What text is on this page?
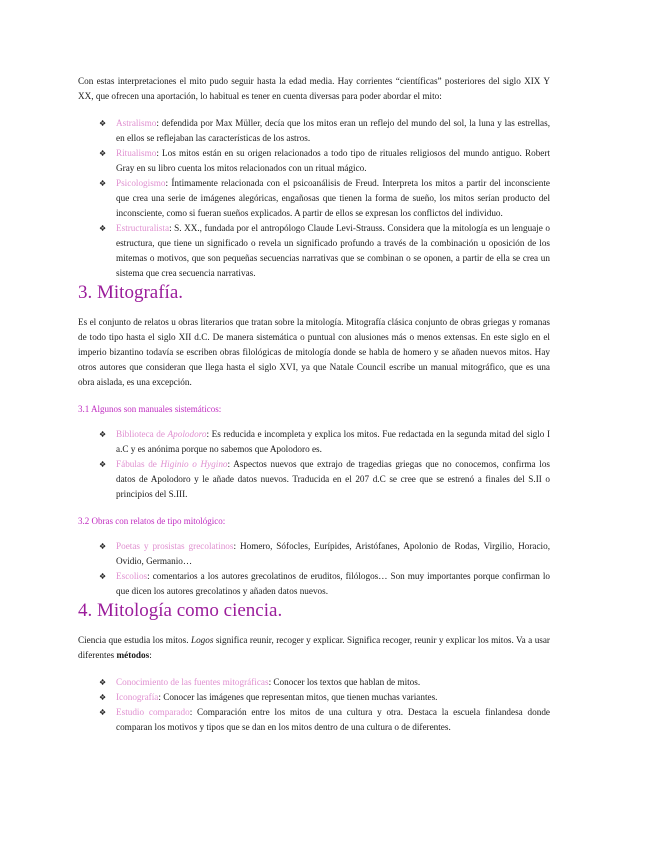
Con estas interpretaciones el mito pudo seguir hasta la edad media. Hay corrientes “científicas” posteriores del siglo XIX Y XX, que ofrecen una aportación, lo habitual es tener en cuenta diversas para poder abordar el mito:

❖ Astralismo: defendida por Max Müller, decía que los mitos eran un reflejo del mundo del sol, la luna y las estrellas, en ellos se reflejaban las características de los astros.
❖ Ritualismo: Los mitos están en su origen relacionados a todo tipo de rituales religiosos del mundo antiguo. Robert Gray en su libro cuenta los mitos relacionados con un ritual mágico.
❖ Psicologismo: Íntimamente relacionada con el psicoanálisis de Freud. Interpreta los mitos a partir del inconsciente que crea una serie de imágenes alegóricas, engañosas que tienen la forma de sueño, los mitos serían producto del inconsciente, como si fueran sueños explicados. A partir de ellos se expresan los conflictos del individuo.
❖ Estructuralista: S. XX., fundada por el antropólogo Claude Levi-Strauss. Considera que la mitología es un lenguaje o estructura, que tiene un significado o revela un significado profundo a través de la combinación u oposición de los mitemas o motivos, que son pequeñas secuencias narrativas que se combinan o se oponen, a partir de ella se crea un sistema que crea secuencia narrativas.
3. Mitografía.

Es el conjunto de relatos u obras literarios que tratan sobre la mitología. Mitografía clásica conjunto de obras griegas y romanas de todo tipo hasta el siglo XII d.C. De manera sistemática o puntual con alusiones más o menos extensas. En este siglo en el imperio bizantino todavía se escriben obras filológicas de mitología donde se habla de homero y se añaden nuevos mitos. Hay otros autores que consideran que llega hasta el siglo XVI, ya que Natale Council escribe un manual mitográfico, que es una obra aislada, es una excepción.

3.1 Algunos son manuales sistemáticos:

❖ Biblioteca de Apolodoro: Es reducida e incompleta y explica los mitos. Fue redactada en la segunda mitad del siglo I a.C y es anónima porque no sabemos que Apolodoro es.
❖ Fábulas de Higinio o Hygino: Aspectos nuevos que extrajo de tragedias griegas que no conocemos, confirma los datos de Apolodoro y le añade datos nuevos. Traducida en el 207 d.C se cree que se estrenó a finales del S.II o principios del S.III.

3.2 Obras con relatos de tipo mitológico:

❖ Poetas y prosistas grecolatinos: Homero, Sófocles, Eurípides, Aristófanes, Apolonio de Rodas, Virgilio, Horacio, Ovidio, Germanio…
❖ Escolios: comentarios a los autores grecolatinos de eruditos, filólogos… Son muy importantes porque confirman lo que dicen los autores grecolatinos y añaden datos nuevos.
4. Mitología como ciencia.

Ciencia que estudia los mitos. Logos significa reunir, recoger y explicar. Significa recoger, reunir y explicar los mitos. Va a usar diferentes métodos:

❖ Conocimiento de las fuentes mitográficas: Conocer los textos que hablan de mitos.
❖ Iconografía: Conocer las imágenes que representan mitos, que tienen muchas variantes.
❖ Estudio comparado: Comparación entre los mitos de una cultura y otra. Destaca la escuela finlandesa donde comparan los motivos y tipos que se dan en los mitos dentro de una cultura o de diferentes.
